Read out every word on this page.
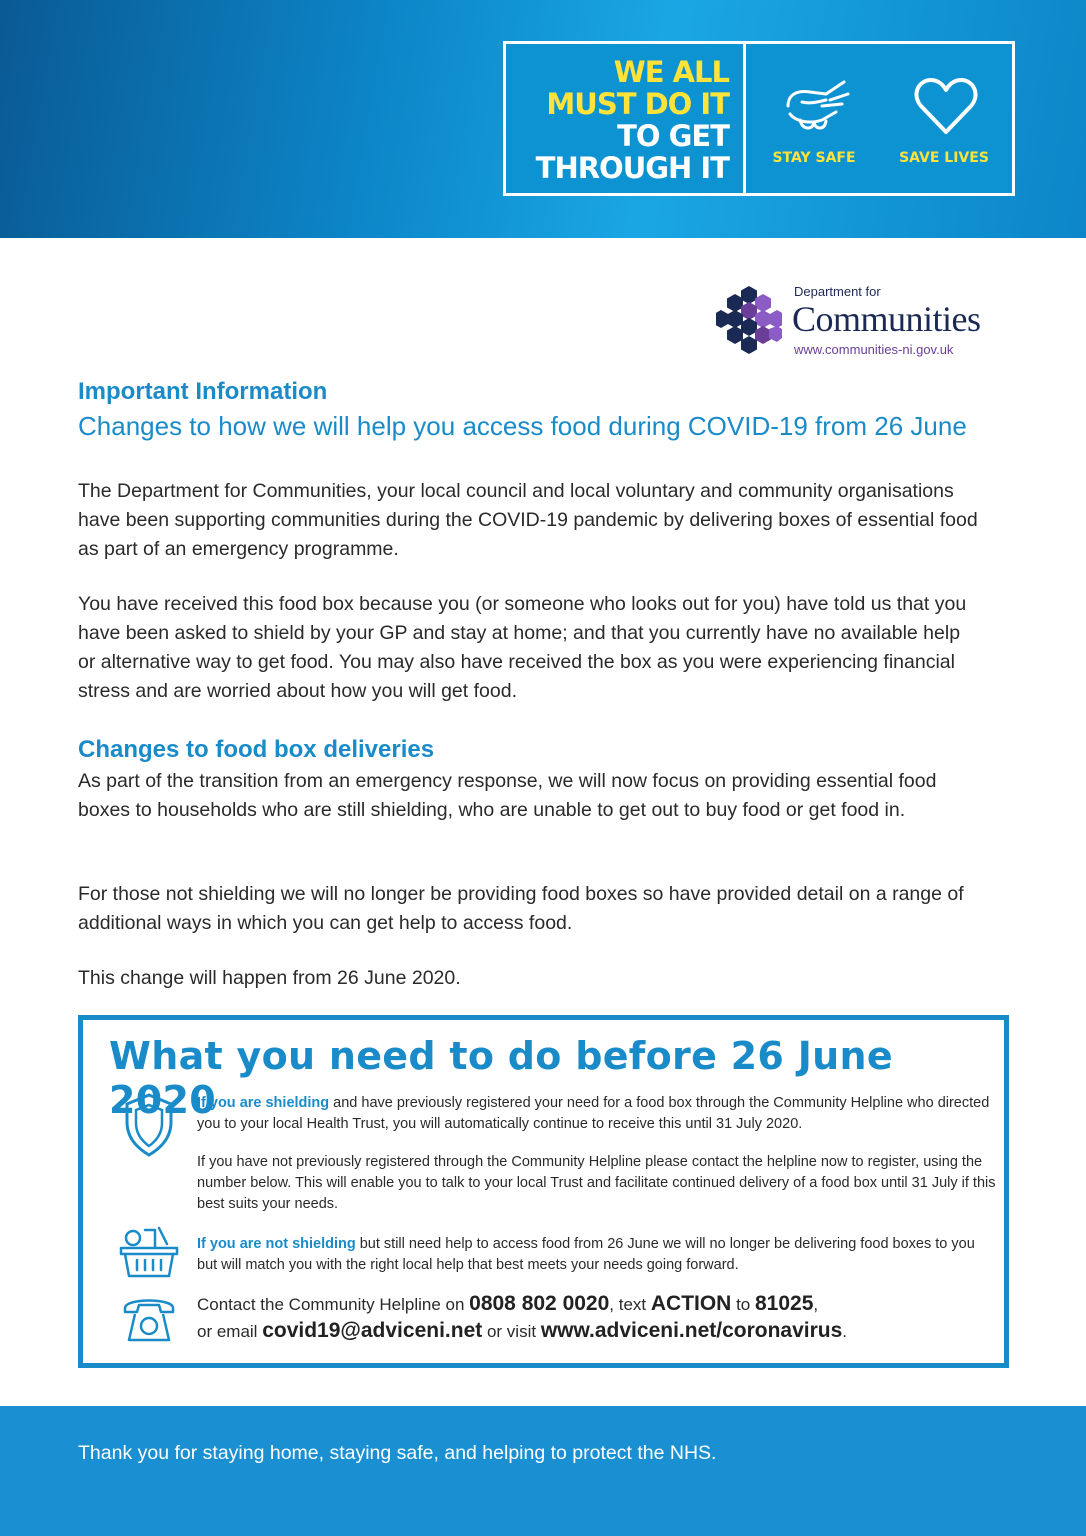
WE ALL
MUST DO IT
TO GET
THROUGH IT	STAY SAFE	SAVE LIVES
Department for
Communities
www.communities-ni.gov.uk
Important Information
Changes to how we will help you access food during COVID-19 from 26 June

The Department for Communities, your local council and local voluntary and community organisations have been supporting communities during the COVID-19 pandemic by delivering boxes of essential food as part of an emergency programme.

You have received this food box because you (or someone who looks out for you) have told us that you have been asked to shield by your GP and stay at home; and that you currently have no available help or alternative way to get food. You may also have received the box as you were experiencing financial stress and are worried about how you will get food.

Changes to food box deliveries

As part of the transition from an emergency response, we will now focus on providing essential food boxes to households who are still shielding, who are unable to get out to buy food or get food in.

For those not shielding we will no longer be providing food boxes so have provided detail on a range of additional ways in which you can get help to access food.

This change will happen from 26 June 2020.

What you need to do before 26 June 2020

If you are shielding and have previously registered your need for a food box through the Community Helpline who directed you to your local Health Trust, you will automatically continue to receive this until 31 July 2020.

If you have not previously registered through the Community Helpline please contact the helpline now to register, using the number below. This will enable you to talk to your local Trust and facilitate continued delivery of a food box until 31 July if this best suits your needs.

If you are not shielding but still need help to access food from 26 June we will no longer be delivering food boxes to you but will match you with the right local help that best meets your needs going forward.

Contact the Community Helpline on 0808 802 0020, text ACTION to 81025,

or email covid19@adviceni.net or visit www.adviceni.net/coronavirus.

Thank you for staying home, staying safe, and helping to protect the NHS.
